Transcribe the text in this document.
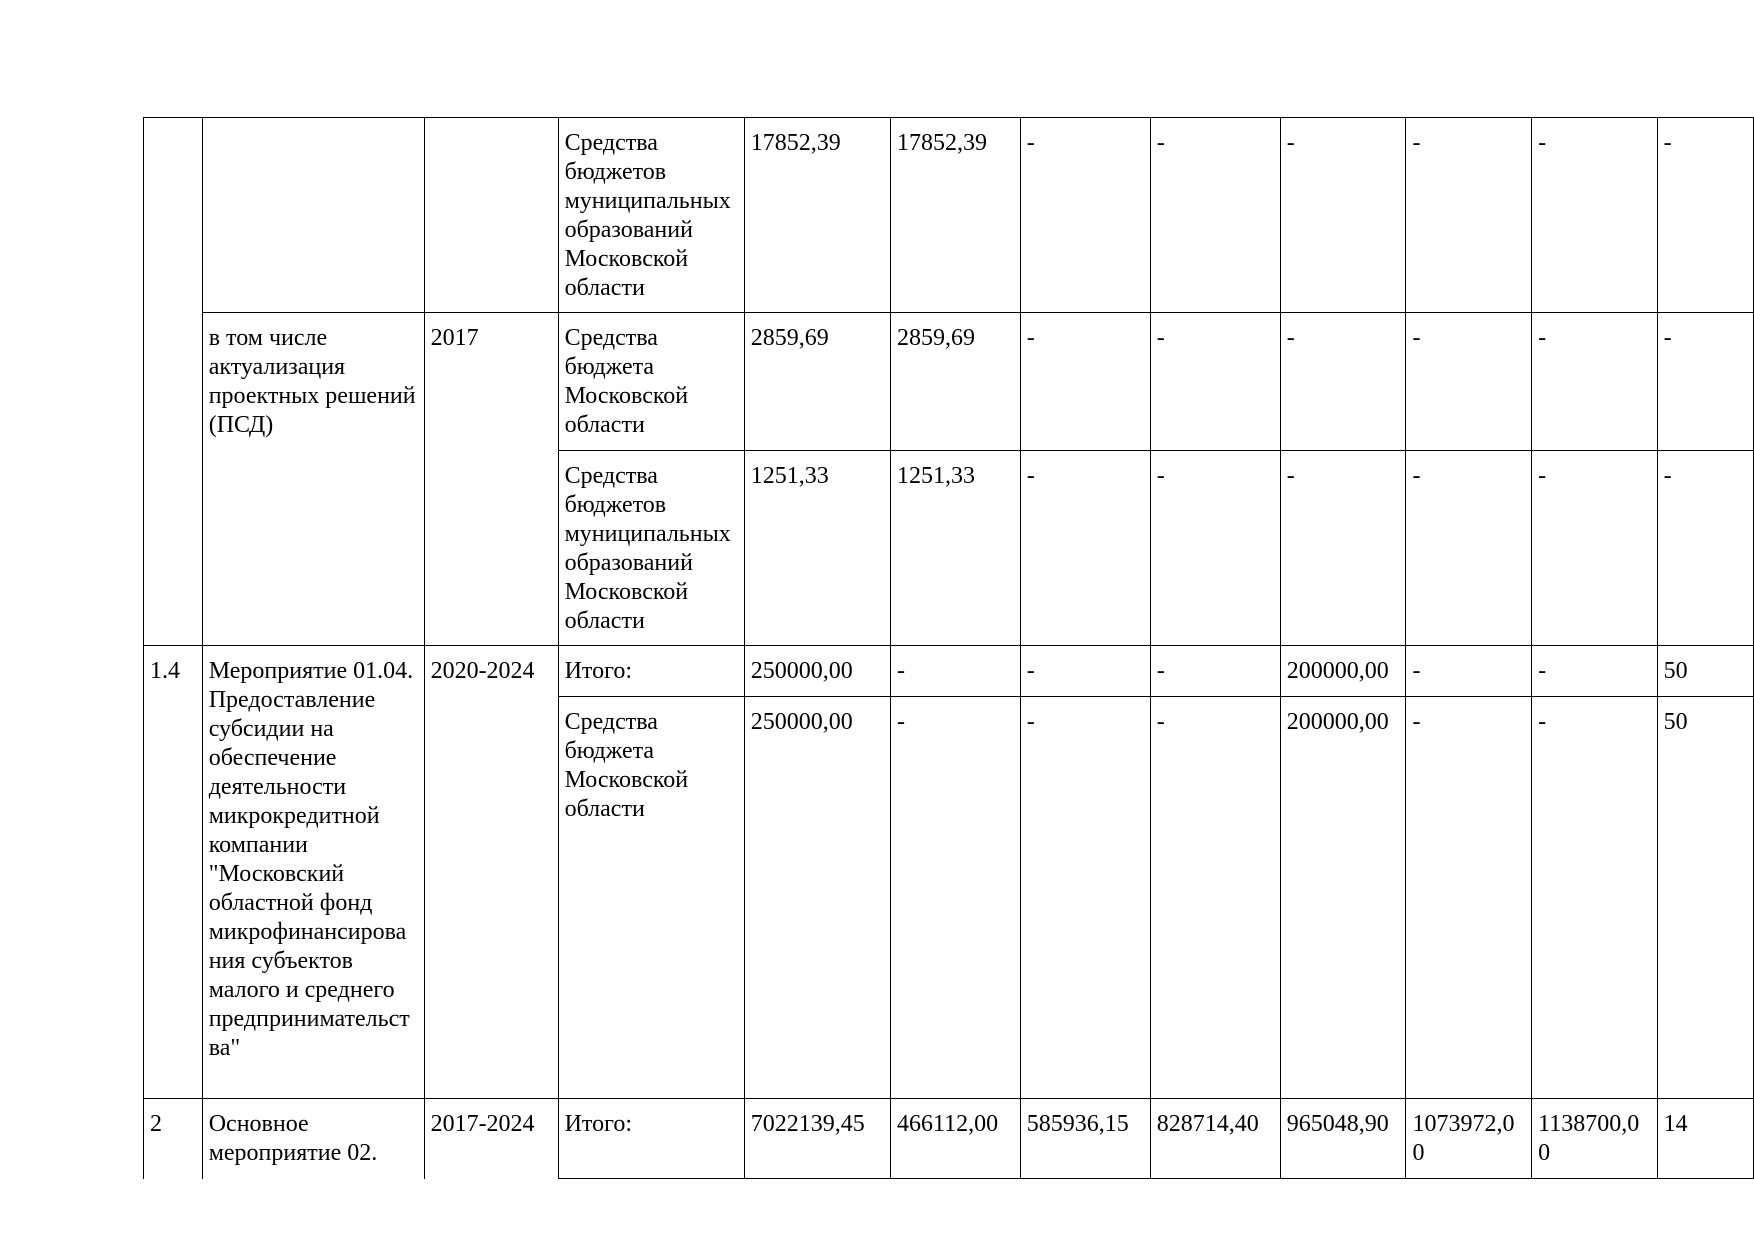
			Средства бюджетов муниципальных образований Московской области	17852,39	17852,39	-	-	-	-	-	-
	в том числе актуализация проектных решений (ПСД)	2017	Средства бюджета Московской области	2859,69	2859,69	-	-	-	-	-	-
			Средства бюджетов муниципальных образований Московской области	1251,33	1251,33	-	-	-	-	-	-
1.4	Мероприятие 01.04. Предоставление субсидии на обеспечение деятельности микрокредитной компании "Московский областной фонд микрофинансирова ния субъектов малого и среднего предпринимательст ва"	2020-2024	Итого:	250000,00	-	-	-	200000,00	-	-	50
			Средства бюджета Московской области	250000,00	-	-	-	200000,00	-	-	50
2	Основное мероприятие 02.	2017-2024	Итого:	7022139,45	466112,00	585936,15	828714,40	965048,90	1073972,0 0	1138700,0 0	14
